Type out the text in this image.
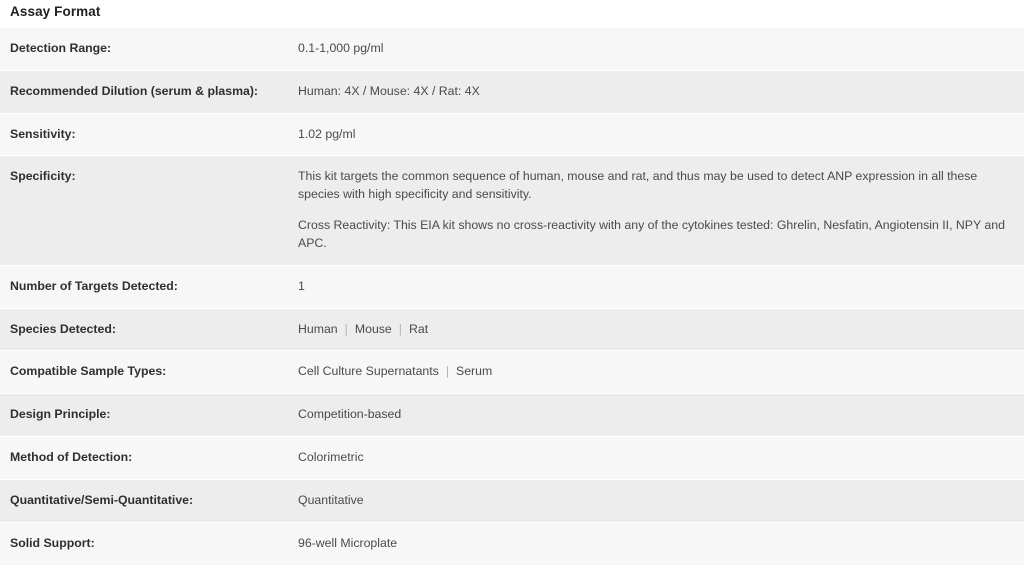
Assay Format
Detection Range:	0.1-1,000 pg/ml

Recommended Dilution (serum & plasma):	Human: 4X / Mouse: 4X / Rat: 4X

Sensitivity:	1.02 pg/ml

Specificity:	This kit targets the common sequence of human, mouse and rat, and thus may be used to detect ANP expression in all these species with high specificity and sensitivity.
Cross Reactivity: This EIA kit shows no cross-reactivity with any of the cytokines tested: Ghrelin, Nesfatin, Angiotensin II, NPY and APC.

Number of Targets Detected:	1

Species Detected:	Human | Mouse | Rat
Compatible Sample Types:	Cell Culture Supernatants | Serum
Design Principle:	Competition-based

Method of Detection:	Colorimetric

Quantitative/Semi-Quantitative:	Quantitative

Solid Support:	96-well Microplate
